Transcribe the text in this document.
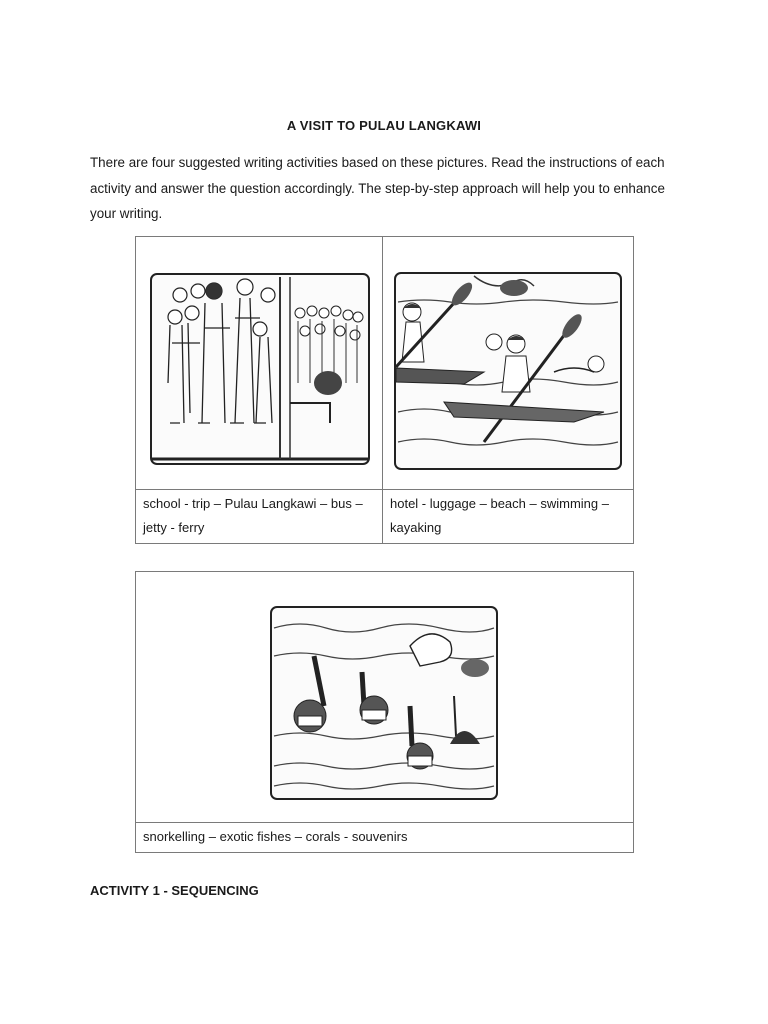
A VISIT TO PULAU LANGKAWI
There are four suggested writing activities based on these pictures. Read the instructions of each activity and answer the question accordingly. The step-by-step approach will help you to enhance your writing.

school - trip – Pulau Langkawi – bus – jetty - ferry	hotel - luggage – beach – swimming – kayaking

snorkelling – exotic fishes – corals - souvenirs
ACTIVITY 1 - SEQUENCING
